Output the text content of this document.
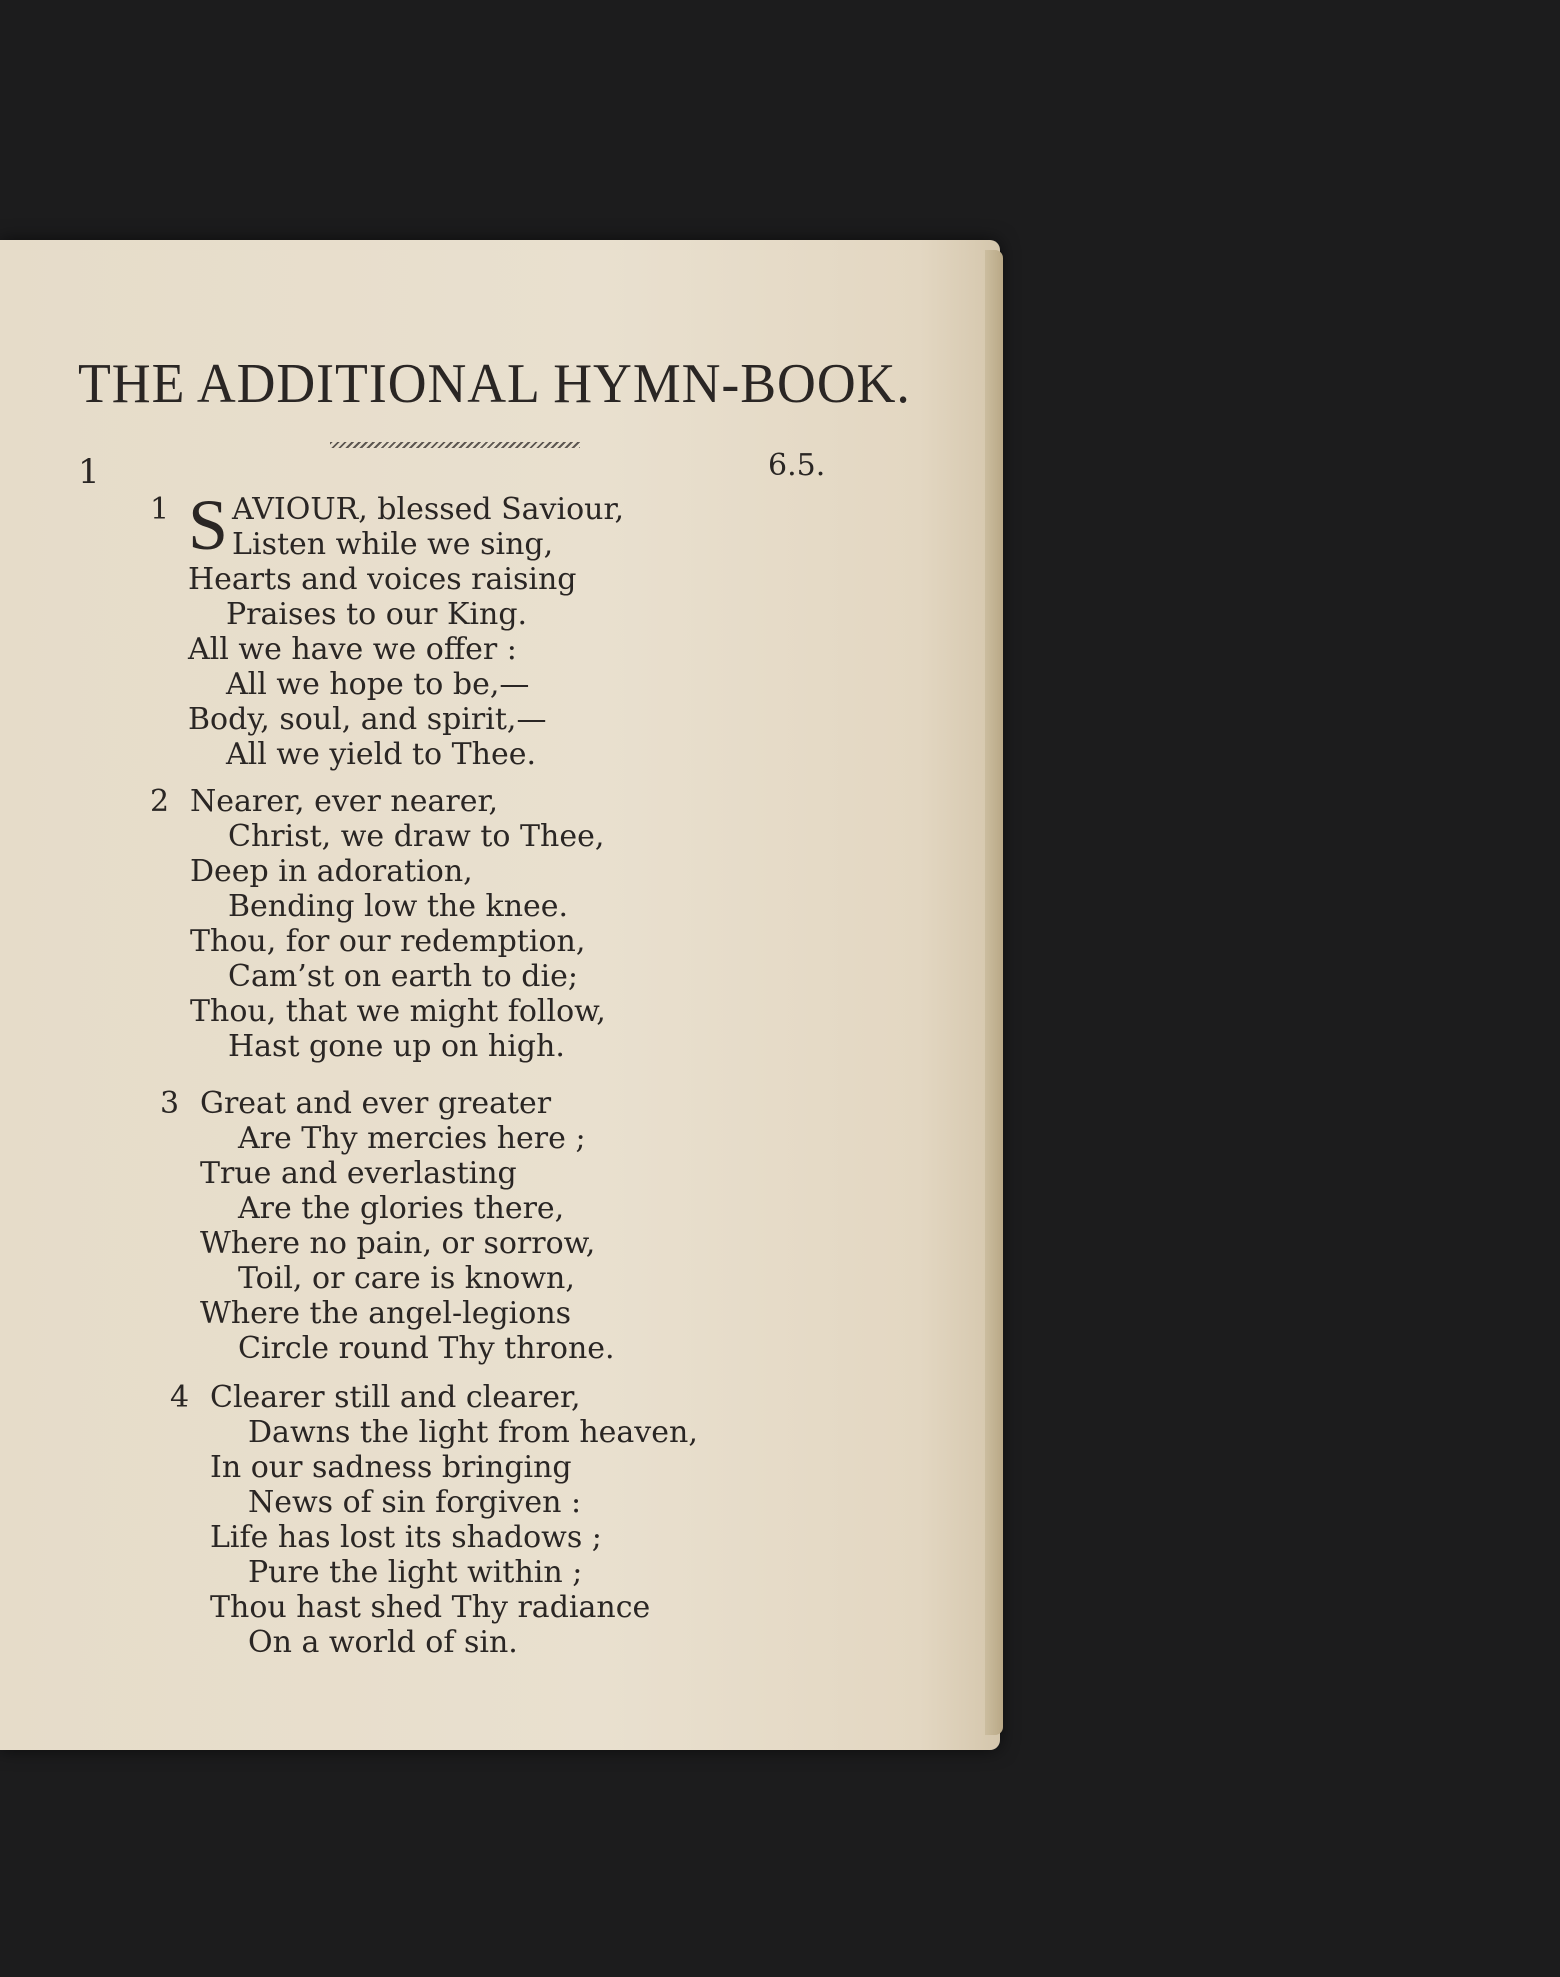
THE ADDITIONAL HYMN-BOOK.
1	6.5.
1 S AVIOUR, blessed Saviour,
Listen while we sing,
Hearts and voices raising
Praises to our King.
All we have we offer :
All we hope to be,—
Body, soul, and spirit,—
All we yield to Thee.
2 Nearer, ever nearer,
Christ, we draw to Thee,
Deep in adoration,
Bending low the knee.
Thou, for our redemption,
Cam’st on earth to die;
Thou, that we might follow,
Hast gone up on high.
3 Great and ever greater
Are Thy mercies here ;
True and everlasting
Are the glories there,
Where no pain, or sorrow,
Toil, or care is known,
Where the angel-legions
Circle round Thy throne.
4 Clearer still and clearer,
Dawns the light from heaven,
In our sadness bringing
News of sin forgiven :
Life has lost its shadows ;
Pure the light within ;
Thou hast shed Thy radiance
On a world of sin.
